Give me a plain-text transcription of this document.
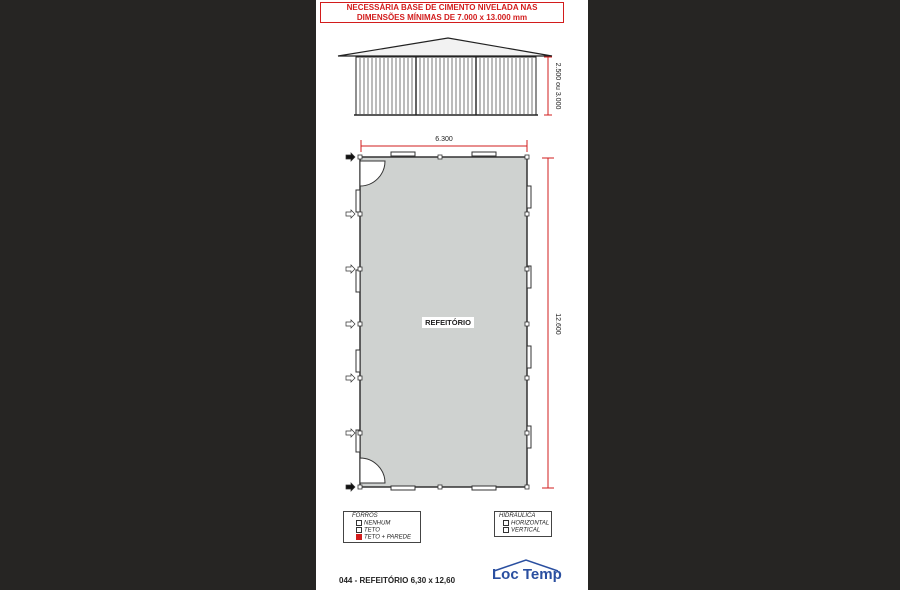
NECESSÁRIA BASE DE CIMENTO NIVELADA NAS
DIMENSÕES MÍNIMAS DE 7.000 x 13.000 mm
2.500 ou 3.000
6.300
12.600
REFEITÓRIO
FORROS
NENHUM
TETO
TETO + PAREDE
HIDRÁULICA
HORIZONTAL
VERTICAL
044 - REFEITÓRIO 6,30 x 12,60 Loc Temp
